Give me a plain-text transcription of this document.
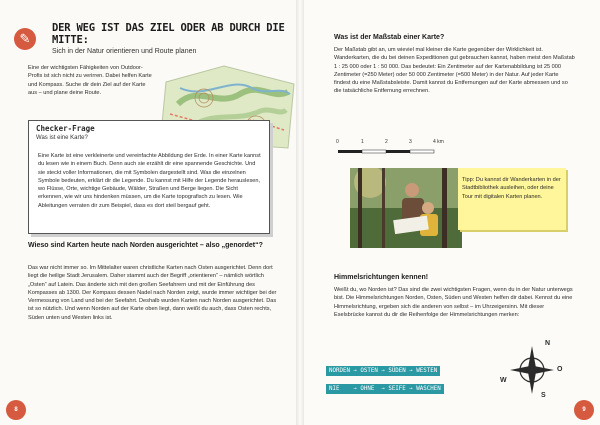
✎
DER WEG IST DAS ZIEL ODER AB DURCH DIE MITTE:
Sich in der Natur orientieren und Route planen
Eine der wichtigsten Fähigkeiten von Outdoor-Profis ist sich nicht zu verirren. Dabei helfen Karte und Kompass. Suche dir dein Ziel auf der Karte aus – und plane deine Route.
Checker-Frage
Was ist eine Karte?
Eine Karte ist eine verkleinerte und vereinfachte Abbildung der Erde. In einer Karte kannst du lesen wie in einem Buch. Denn auch sie erzählt dir eine spannende Geschichte. Und sie steckt voller Informationen, die mit Symbolen dargestellt sind. Was die einzelnen Symbole bedeuten, erklärt dir die Legende. Du kannst mit Hilfe der Legende herauslesen, wo Flüsse, Orte, wichtige Gebäude, Wälder, Straßen und Berge liegen. Die Sicht erkennen, wie wir uns hindenken müssen, um die Karte topografisch zu lesen. Wie Ableitungen verraten dir zum Beispiel, dass es dort steil bergauf geht.
Wieso sind Karten heute nach Norden ausgerichtet – also „genordet“?
Das war nicht immer so. Im Mittelalter waren christliche Karten nach Osten ausgerichtet. Denn dort liegt die heilige Stadt Jerusalem. Daher stammt auch der Begriff „orientieren“ – nämlich wörtlich „Osten“ auf Latein. Das änderte sich mit den großen Seefahrern und mit der Einführung des Kompasses ab 1300. Der Kompass dessen Nadel nach Norden zeigt, wurde immer wichtiger bei der Vermessung von Land und bei der Seefahrt. Deshalb wurden Karten nach Norden ausgerichtet. Das ist so nützlich. Und wenn Norden auf der Karte oben liegt, dann weißt du auch, dass Osten rechts, Süden unten und Westen links ist.
8
Was ist der Maßstab einer Karte?
Der Maßstab gibt an, um wieviel mal kleiner die Karte gegenüber der Wirklichkeit ist. Wanderkarten, die du bei deinen Expeditionen gut gebrauchen kannst, haben meist den Maßstab 1 : 25 000 oder 1 : 50 000. Das bedeutet: Ein Zentimeter auf der Kartenabbildung ist 25 000 Zentimeter (=250 Meter) oder 50 000 Zentimeter (=500 Meter) in der Natur. Auf jeder Karte findest du eine Maßstabsleiste. Damit kannst du Entfernungen auf der Karte abmessen und so die tatsächliche Entfernung errechnen.
0	1	2	3	4 km
Tipp: Du kannst dir Wanderkarten in der Stadtbibliothek ausleihen, oder deine Tour mit digitalen Karten planen.
Himmelsrichtungen kennen!
Weißt du, wo Norden ist? Das sind die zwei wichtigsten Fragen, wenn du in der Natur unterwegs bist. Die Himmelsrichtungen Norden, Osten, Süden und Westen helfen dir dabei. Kennst du eine Himmelsrichtung, ergeben sich die anderen von selbst – im Uhrzeigersinn. Mit dieser Eselsbrücke kannst du dir die Reihenfolge der Himmelsrichtungen merken:
NORDEN → OSTEN → SÜDEN → WESTEN
NIE    → OHNE  → SEIFE → WASCHEN
N
O
S
W
9
